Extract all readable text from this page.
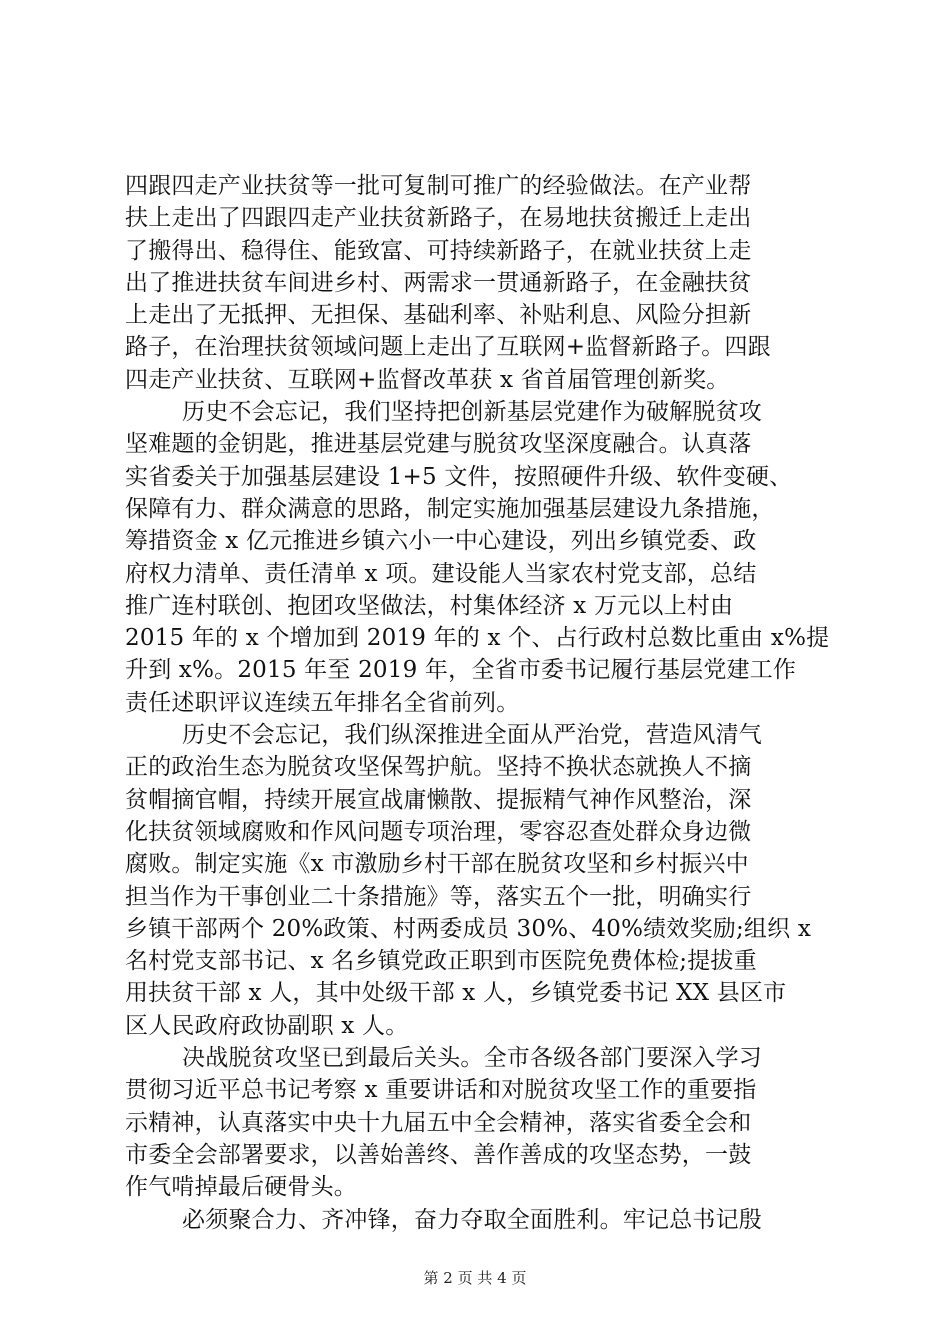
四跟四走产业扶贫等一批可复制可推广的经验做法。在产业帮
扶上走出了四跟四走产业扶贫新路子，在易地扶贫搬迁上走出
了搬得出、稳得住、能致富、可持续新路子，在就业扶贫上走
出了推进扶贫车间进乡村、两需求一贯通新路子，在金融扶贫
上走出了无抵押、无担保、基础利率、补贴利息、风险分担新
路子，在治理扶贫领域问题上走出了互联网+监督新路子。四跟
四走产业扶贫、互联网+监督改革获 x 省首届管理创新奖。
历史不会忘记，我们坚持把创新基层党建作为破解脱贫攻
坚难题的金钥匙，推进基层党建与脱贫攻坚深度融合。认真落
实省委关于加强基层建设 1+5 文件，按照硬件升级、软件变硬、
保障有力、群众满意的思路，制定实施加强基层建设九条措施，
筹措资金 x 亿元推进乡镇六小一中心建设，列出乡镇党委、政
府权力清单、责任清单 x 项。建设能人当家农村党支部，总结
推广连村联创、抱团攻坚做法，村集体经济 x 万元以上村由
2015 年的 x 个增加到 2019 年的 x 个、占行政村总数比重由 x%提
升到 x%。2015 年至 2019 年，全省市委书记履行基层党建工作
责任述职评议连续五年排名全省前列。
历史不会忘记，我们纵深推进全面从严治党，营造风清气
正的政治生态为脱贫攻坚保驾护航。坚持不换状态就换人不摘
贫帽摘官帽，持续开展宣战庸懒散、提振精气神作风整治，深
化扶贫领域腐败和作风问题专项治理，零容忍查处群众身边微
腐败。制定实施《x 市激励乡村干部在脱贫攻坚和乡村振兴中
担当作为干事创业二十条措施》等，落实五个一批，明确实行
乡镇干部两个 20%政策、村两委成员 30%、40%绩效奖励;组织 x
名村党支部书记、x 名乡镇党政正职到市医院免费体检;提拔重
用扶贫干部 x 人，其中处级干部 x 人，乡镇党委书记 XX 县区市
区人民政府政协副职 x 人。
决战脱贫攻坚已到最后关头。全市各级各部门要深入学习
贯彻习近平总书记考察 x 重要讲话和对脱贫攻坚工作的重要指
示精神，认真落实中央十九届五中全会精神，落实省委全会和
市委全会部署要求，以善始善终、善作善成的攻坚态势，一鼓
作气啃掉最后硬骨头。
必须聚合力、齐冲锋，奋力夺取全面胜利。牢记总书记殷
第 2 页 共 4 页
